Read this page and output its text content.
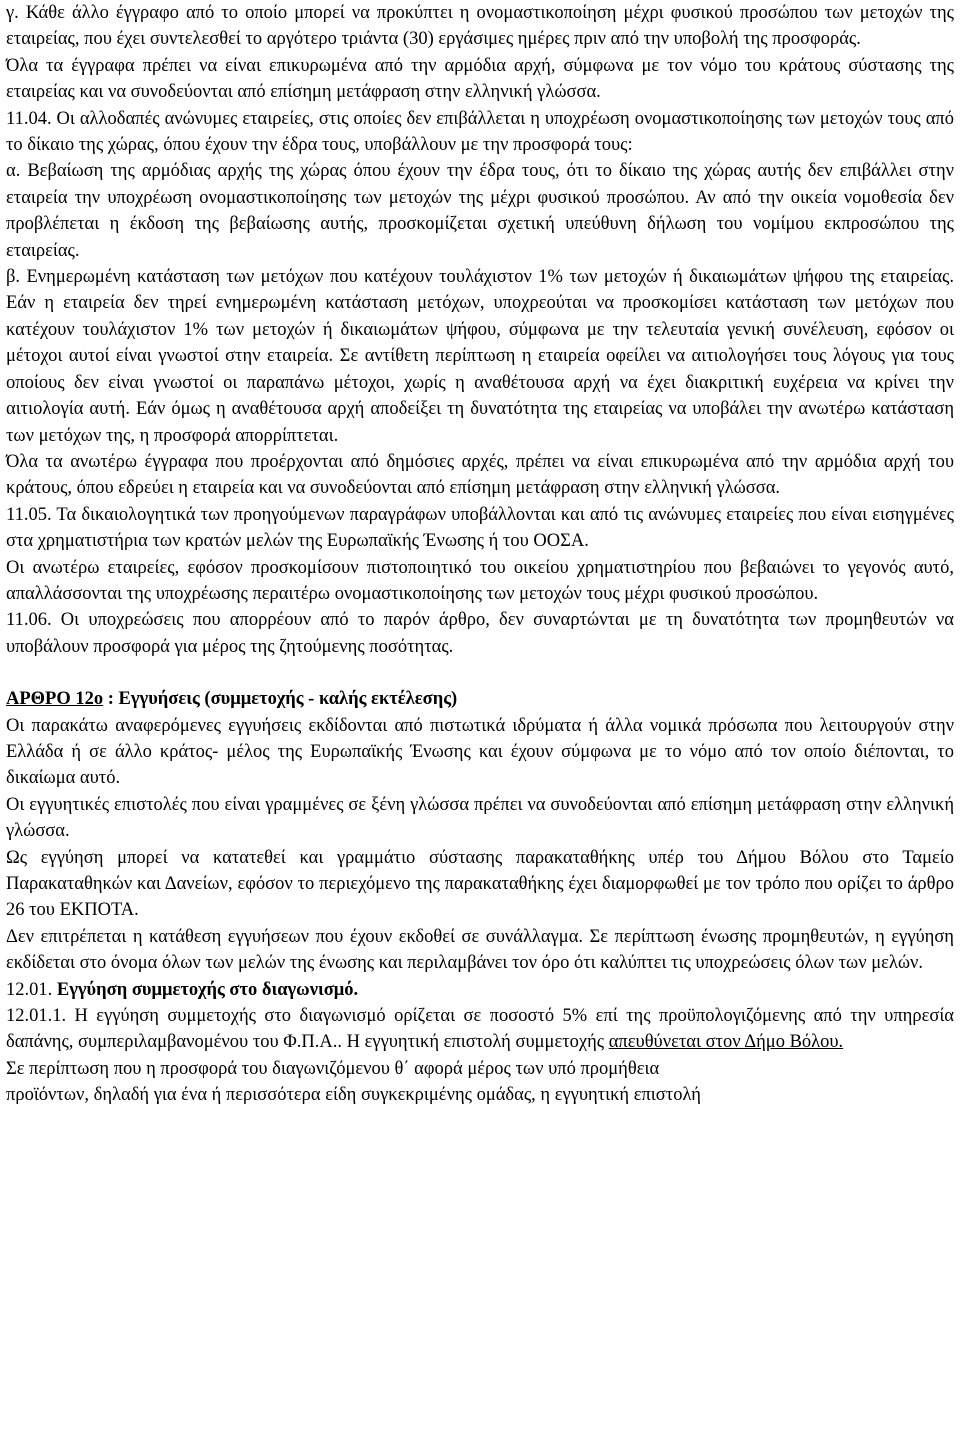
γ. Κάθε άλλο έγγραφο από το οποίο μπορεί να προκύπτει η ονομαστικοποίηση μέχρι φυσικού προσώπου των μετοχών της εταιρείας, που έχει συντελεσθεί το αργότερο τριάντα (30) εργάσιμες ημέρες πριν από την υποβολή της προσφοράς.

Όλα τα έγγραφα πρέπει να είναι επικυρωμένα από την αρμόδια αρχή, σύμφωνα με τον νόμο του κράτους σύστασης της εταιρείας και να συνοδεύονται από επίσημη μετάφραση στην ελληνική γλώσσα.

11.04. Οι αλλοδαπές ανώνυμες εταιρείες, στις οποίες δεν επιβάλλεται η υποχρέωση ονομαστικοποίησης των μετοχών τους από το δίκαιο της χώρας, όπου έχουν την έδρα τους, υποβάλλουν με την προσφορά τους:

α. Βεβαίωση της αρμόδιας αρχής της χώρας όπου έχουν την έδρα τους, ότι το δίκαιο της χώρας αυτής δεν επιβάλλει στην εταιρεία την υποχρέωση ονομαστικοποίησης των μετοχών της μέχρι φυσικού προσώπου. Αν από την οικεία νομοθεσία δεν προβλέπεται η έκδοση της βεβαίωσης αυτής, προσκομίζεται σχετική υπεύθυνη δήλωση του νομίμου εκπροσώπου της εταιρείας.

β. Ενημερωμένη κατάσταση των μετόχων που κατέχουν τουλάχιστον 1% των μετοχών ή δικαιωμάτων ψήφου της εταιρείας. Εάν η εταιρεία δεν τηρεί ενημερωμένη κατάσταση μετόχων, υποχρεούται να προσκομίσει κατάσταση των μετόχων που κατέχουν τουλάχιστον 1% των μετοχών ή δικαιωμάτων ψήφου, σύμφωνα με την τελευταία γενική συνέλευση, εφόσον οι μέτοχοι αυτοί είναι γνωστοί στην εταιρεία. Σε αντίθετη περίπτωση η εταιρεία οφείλει να αιτιολογήσει τους λόγους για τους οποίους δεν είναι γνωστοί οι παραπάνω μέτοχοι, χωρίς η αναθέτουσα αρχή να έχει διακριτική ευχέρεια να κρίνει την αιτιολογία αυτή. Εάν όμως η αναθέτουσα αρχή αποδείξει τη δυνατότητα της εταιρείας να υποβάλει την ανωτέρω κατάσταση των μετόχων της, η προσφορά απορρίπτεται.

Όλα τα ανωτέρω έγγραφα που προέρχονται από δημόσιες αρχές, πρέπει να είναι επικυρωμένα από την αρμόδια αρχή του κράτους, όπου εδρεύει η εταιρεία και να συνοδεύονται από επίσημη μετάφραση στην ελληνική γλώσσα.

11.05. Τα δικαιολογητικά των προηγούμενων παραγράφων υποβάλλονται και από τις ανώνυμες εταιρείες που είναι εισηγμένες στα χρηματιστήρια των κρατών μελών της Ευρωπαϊκής Ένωσης ή του ΟΟΣΑ.

Οι ανωτέρω εταιρείες, εφόσον προσκομίσουν πιστοποιητικό του οικείου χρηματιστηρίου που βεβαιώνει το γεγονός αυτό, απαλλάσσονται της υποχρέωσης περαιτέρω ονομαστικοποίησης των μετοχών τους μέχρι φυσικού προσώπου.

11.06. Οι υποχρεώσεις που απορρέουν από το παρόν άρθρο, δεν συναρτώνται με τη δυνατότητα των προμηθευτών να υποβάλουν προσφορά για μέρος της ζητούμενης ποσότητας.

ΑΡΘΡΟ 12ο : Εγγυήσεις (συμμετοχής - καλής εκτέλεσης)

Οι παρακάτω αναφερόμενες εγγυήσεις εκδίδονται από πιστωτικά ιδρύματα ή άλλα νομικά πρόσωπα που λειτουργούν στην Ελλάδα ή σε άλλο κράτος- μέλος της Ευρωπαϊκής Ένωσης και έχουν σύμφωνα με το νόμο από τον οποίο διέπονται, το δικαίωμα αυτό.

Οι εγγυητικές επιστολές που είναι γραμμένες σε ξένη γλώσσα πρέπει να συνοδεύονται από επίσημη μετάφραση στην ελληνική γλώσσα.

Ως εγγύηση μπορεί να κατατεθεί και γραμμάτιο σύστασης παρακαταθήκης υπέρ του Δήμου Βόλου στο Ταμείο Παρακαταθηκών και Δανείων, εφόσον το περιεχόμενο της παρακαταθήκης έχει διαμορφωθεί με τον τρόπο που ορίζει το άρθρο 26 του ΕΚΠΟΤΑ.

Δεν επιτρέπεται η κατάθεση εγγυήσεων που έχουν εκδοθεί σε συνάλλαγμα. Σε περίπτωση ένωσης προμηθευτών, η εγγύηση εκδίδεται στο όνομα όλων των μελών της ένωσης και περιλαμβάνει τον όρο ότι καλύπτει τις υποχρεώσεις όλων των μελών.

12.01. Εγγύηση συμμετοχής στο διαγωνισμό.

12.01.1. Η εγγύηση συμμετοχής στο διαγωνισμό ορίζεται σε ποσοστό 5% επί της προϋπολογιζόμενης από την υπηρεσία δαπάνης, συμπεριλαμβανομένου του Φ.Π.Α.. Η εγγυητική επιστολή συμμετοχής απευθύνεται στον Δήμο Βόλου.

Σε περίπτωση που η προσφορά του διαγωνιζόμενου θ΄ αφορά μέρος των υπό προμήθεια

προϊόντων, δηλαδή για ένα ή περισσότερα είδη συγκεκριμένης ομάδας, η εγγυητική επιστολή
